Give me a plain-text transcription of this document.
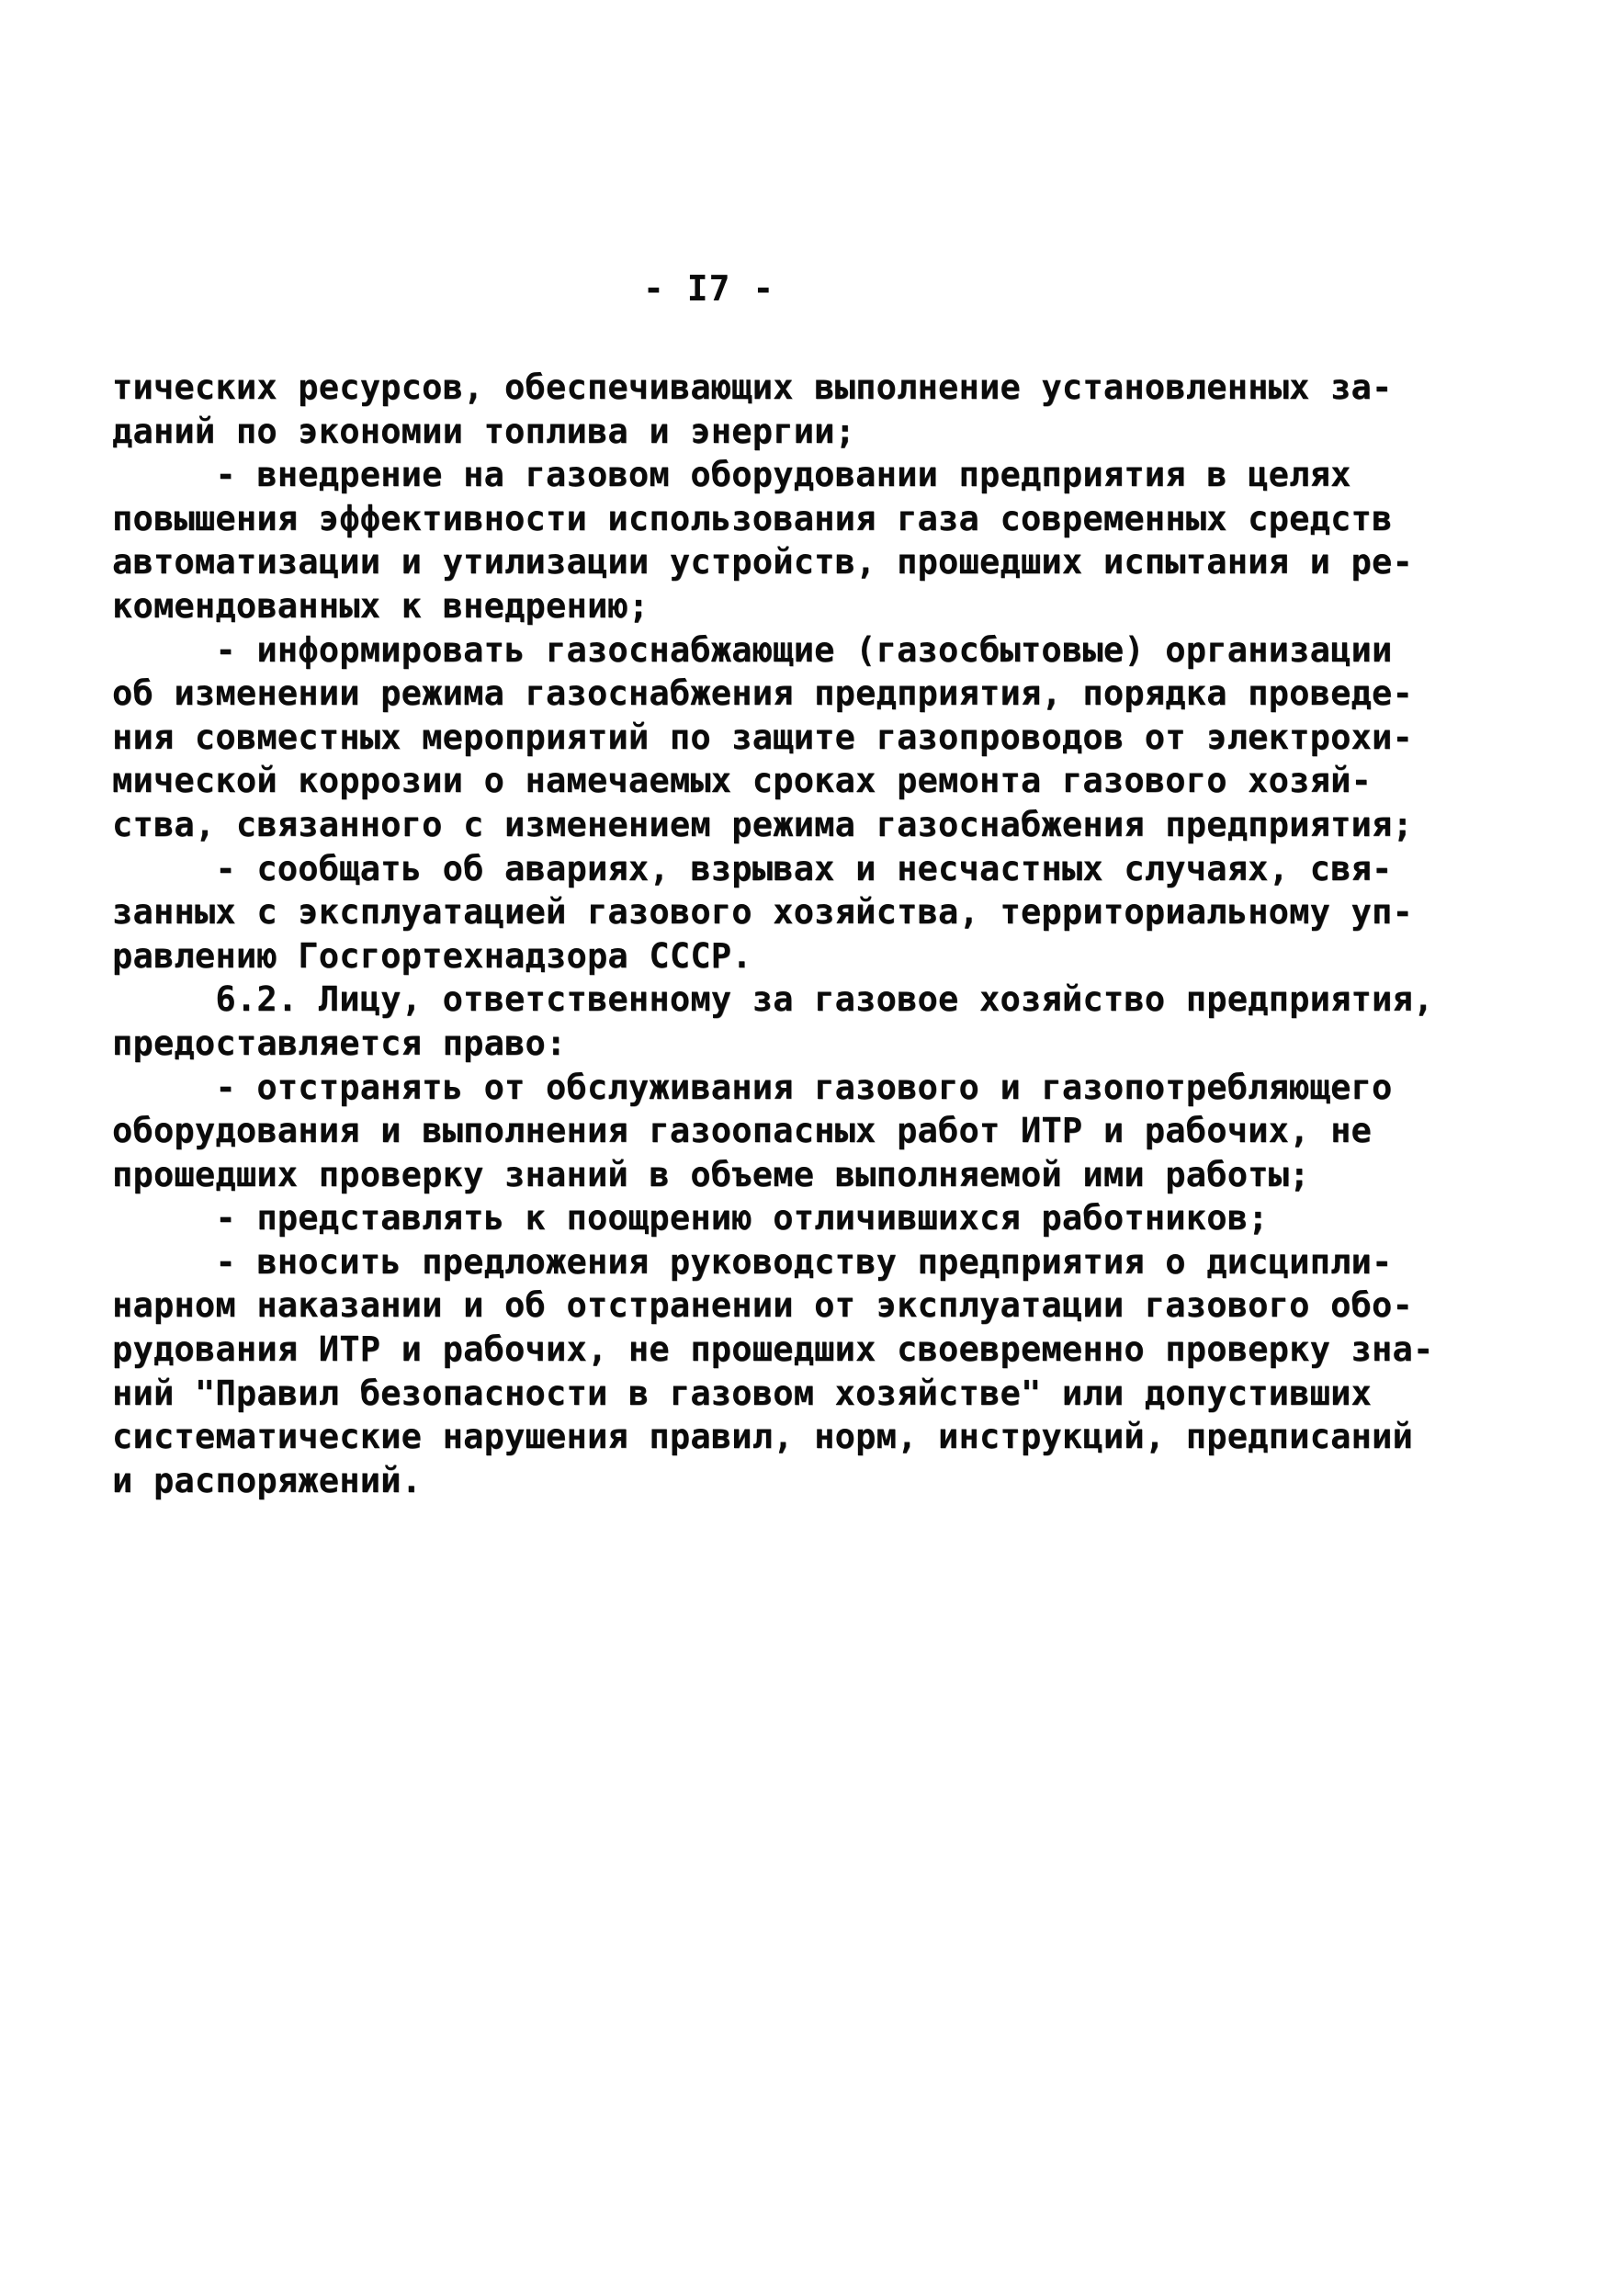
- I7 -
тических ресурсов, обеспечивающих выполнение установленных за-
даний по экономии топлива и энергии;
- внедрение на газовом оборудовании предприятия в целях
повышения эффективности использования газа современных средств
автоматизации и утилизации устройств, прошедших испытания и ре-
комендованных к внедрению;
- информировать газоснабжающие (газосбытовые) организации
об изменении режима газоснабжения предприятия, порядка проведе-
ния совместных мероприятий по защите газопроводов от электрохи-
мической коррозии о намечаемых сроках ремонта газового хозяй-
ства, связанного с изменением режима газоснабжения предприятия;
- сообщать об авариях, взрывах и несчастных случаях, свя-
занных с эксплуатацией газового хозяйства, территориальному уп-
равлению Госгортехнадзора СССР.
6.2. Лицу, ответственному за газовое хозяйство предприятия,
предоставляется право:
- отстранять от обслуживания газового и газопотребляющего
оборудования и выполнения газоопасных работ ИТР и рабочих, не
прошедших проверку знаний в объеме выполняемой ими работы;
- представлять к поощрению отличившихся работников;
- вносить предложения руководству предприятия о дисципли-
нарном наказании и об отстранении от эксплуатации газового обо-
рудования ИТР и рабочих, не прошедших своевременно проверку зна-
ний "Правил безопасности в газовом хозяйстве" или допустивших
систематические нарушения правил, норм, инструкций, предписаний
и распоряжений.
